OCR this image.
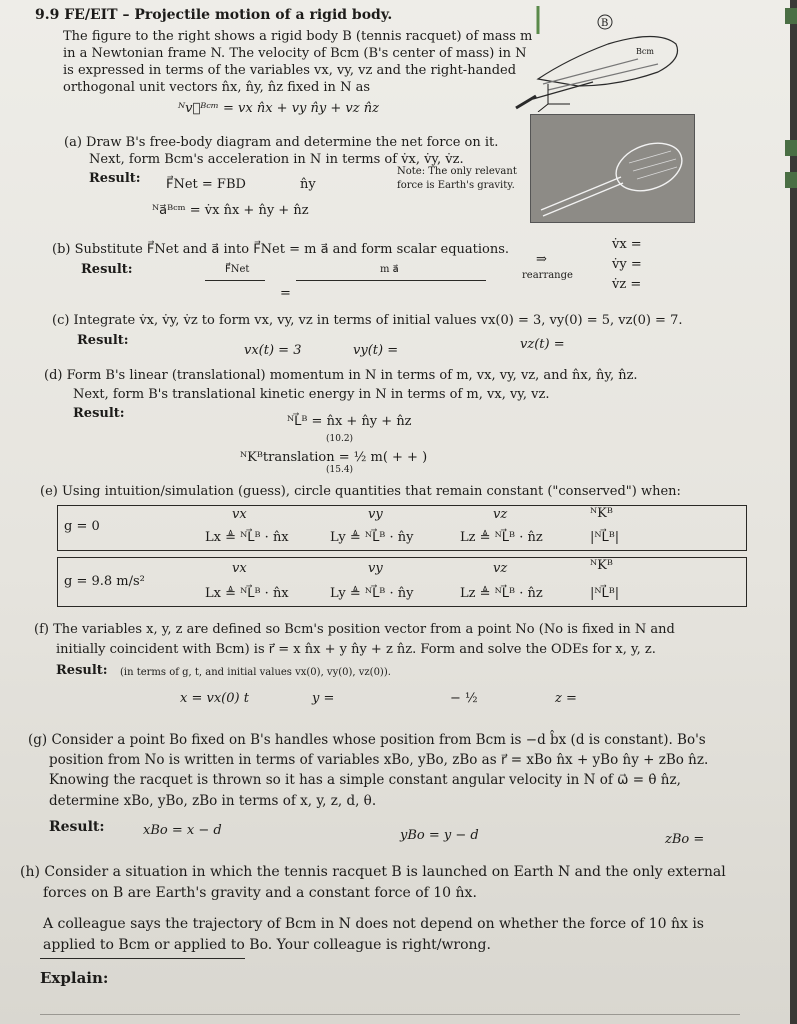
B
Bcm
9.9 FE/EIT – Projectile motion of a rigid body.
The figure to the right shows a rigid body B (tennis racquet) of mass m
in a Newtonian frame N. The velocity of Bcm (B's center of mass) in N
is expressed in terms of the variables vx, vy, vz and the right-handed
orthogonal unit vectors n̂x, n̂y, n̂z fixed in N as
ᴺv⃗ᴮᶜᵐ = vx n̂x + vy n̂y + vz n̂z
(a) Draw B's free-body diagram and determine the net force on it.
Next, form Bcm's acceleration in N in terms of v̇x, v̇y, v̇z.
Result: F⃗Net = FBD	n̂y
Note: The only relevant
force is Earth's gravity.
ᴺa⃗ᴮᶜᵐ = v̇x n̂x + n̂y + n̂z
(b) Substitute F⃗Net and a⃗ into F⃗Net = m a⃗ and form scalar equations.
Result:	F⃗Net	m a⃗
=
⇒
rearrange
v̇x =
v̇y =
v̇z =
(c) Integrate v̇x, v̇y, v̇z to form vx, vy, vz in terms of initial values vx(0) = 3, vy(0) = 5, vz(0) = 7.
Result:
vx(t) = 3	vy(t) =	vz(t) =
(d) Form B's linear (translational) momentum in N in terms of m, vx, vy, vz, and n̂x, n̂y, n̂z.
Next, form B's translational kinetic energy in N in terms of m, vx, vy, vz.
Result:
ᴺL⃗ᴮ = n̂x + n̂y + n̂z
(10.2)
ᴺKᴮtranslation = ½ m( + + )
(15.4)
(e) Using intuition/simulation (guess), circle quantities that remain constant ("conserved") when:
g = 0
vx	vy	vz	ᴺKᴮ
Lx ≜ ᴺL⃗ᴮ · n̂x	Ly ≜ ᴺL⃗ᴮ · n̂y	Lz ≜ ᴺL⃗ᴮ · n̂z	|ᴺL⃗ᴮ|
g = 9.8 m/s²
vx	vy	vz	ᴺKᴮ
Lx ≜ ᴺL⃗ᴮ · n̂x	Ly ≜ ᴺL⃗ᴮ · n̂y	Lz ≜ ᴺL⃗ᴮ · n̂z	|ᴺL⃗ᴮ|
(f) The variables x, y, z are defined so Bcm's position vector from a point No (No is fixed in N and
initially coincident with Bcm) is r⃗ = x n̂x + y n̂y + z n̂z. Form and solve the ODEs for x, y, z.
Result: (in terms of g, t, and initial values vx(0), vy(0), vz(0)).
x = vx(0) t	y =	− ½	z =
(g) Consider a point Bo fixed on B's handles whose position from Bcm is −d b̂x (d is constant). Bo's
position from No is written in terms of variables xBo, yBo, zBo as r⃗ = xBo n̂x + yBo n̂y + zBo n̂z.
Knowing the racquet is thrown so it has a simple constant angular velocity in N of ω⃗ = θ̇ n̂z,
determine xBo, yBo, zBo in terms of x, y, z, d, θ.
Result:	xBo = x − d	yBo = y − d	zBo =
(h) Consider a situation in which the tennis racquet B is launched on Earth N and the only external
forces on B are Earth's gravity and a constant force of 10 n̂x.
A colleague says the trajectory of Bcm in N does not depend on whether the force of 10 n̂x is
applied to Bcm or applied to Bo. Your colleague is right/wrong.
Explain:
